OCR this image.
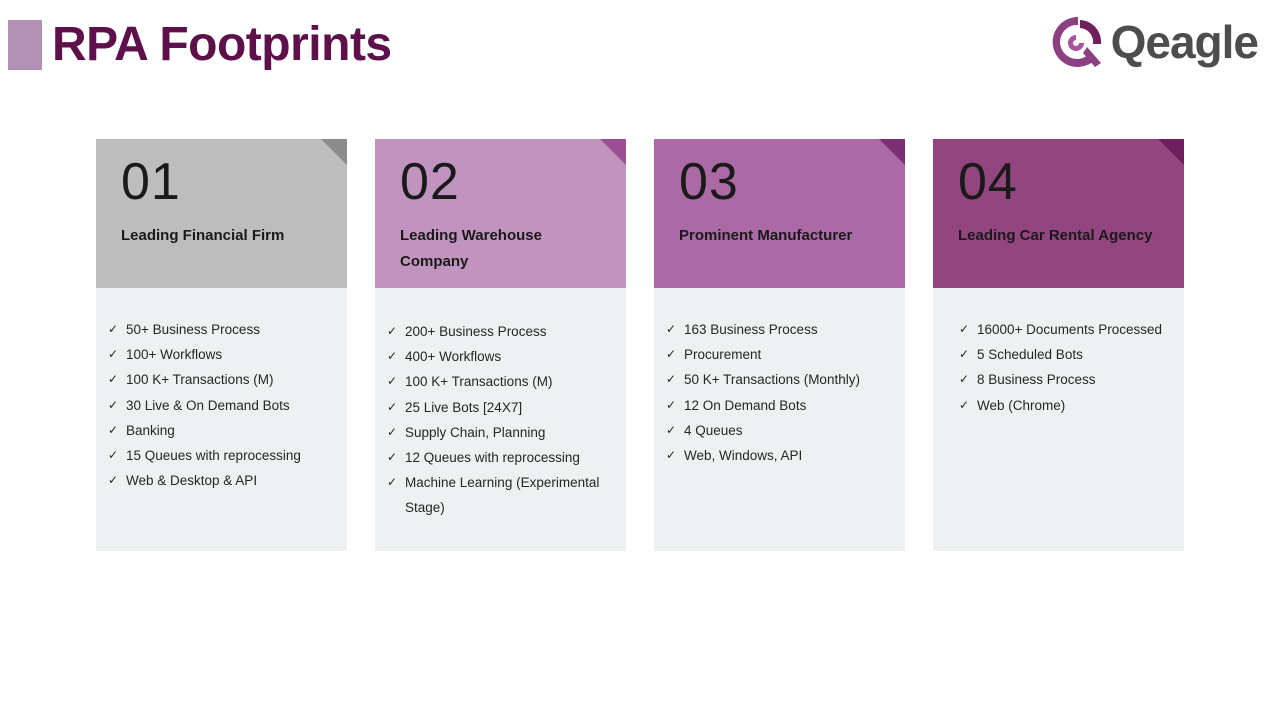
RPA Footprints	Qeagle
01
Leading Financial Firm
✓ 50+ Business Process
✓ 100+ Workflows
✓ 100 K+ Transactions (M)
✓ 30 Live & On Demand Bots
✓ Banking
✓ 15 Queues with reprocessing
✓ Web & Desktop & API
02
Leading Warehouse Company
✓ 200+ Business Process
✓ 400+ Workflows
✓ 100 K+ Transactions (M)
✓ 25 Live Bots [24X7]
✓ Supply Chain, Planning
✓ 12 Queues with reprocessing
✓ Machine Learning (Experimental Stage)
03
Prominent Manufacturer
✓ 163 Business Process
✓ Procurement
✓ 50 K+ Transactions (Monthly)
✓ 12 On Demand Bots
✓ 4 Queues
✓ Web, Windows, API
04
Leading Car Rental Agency
✓ 16000+ Documents Processed
✓ 5 Scheduled Bots
✓ 8 Business Process
✓ Web (Chrome)
